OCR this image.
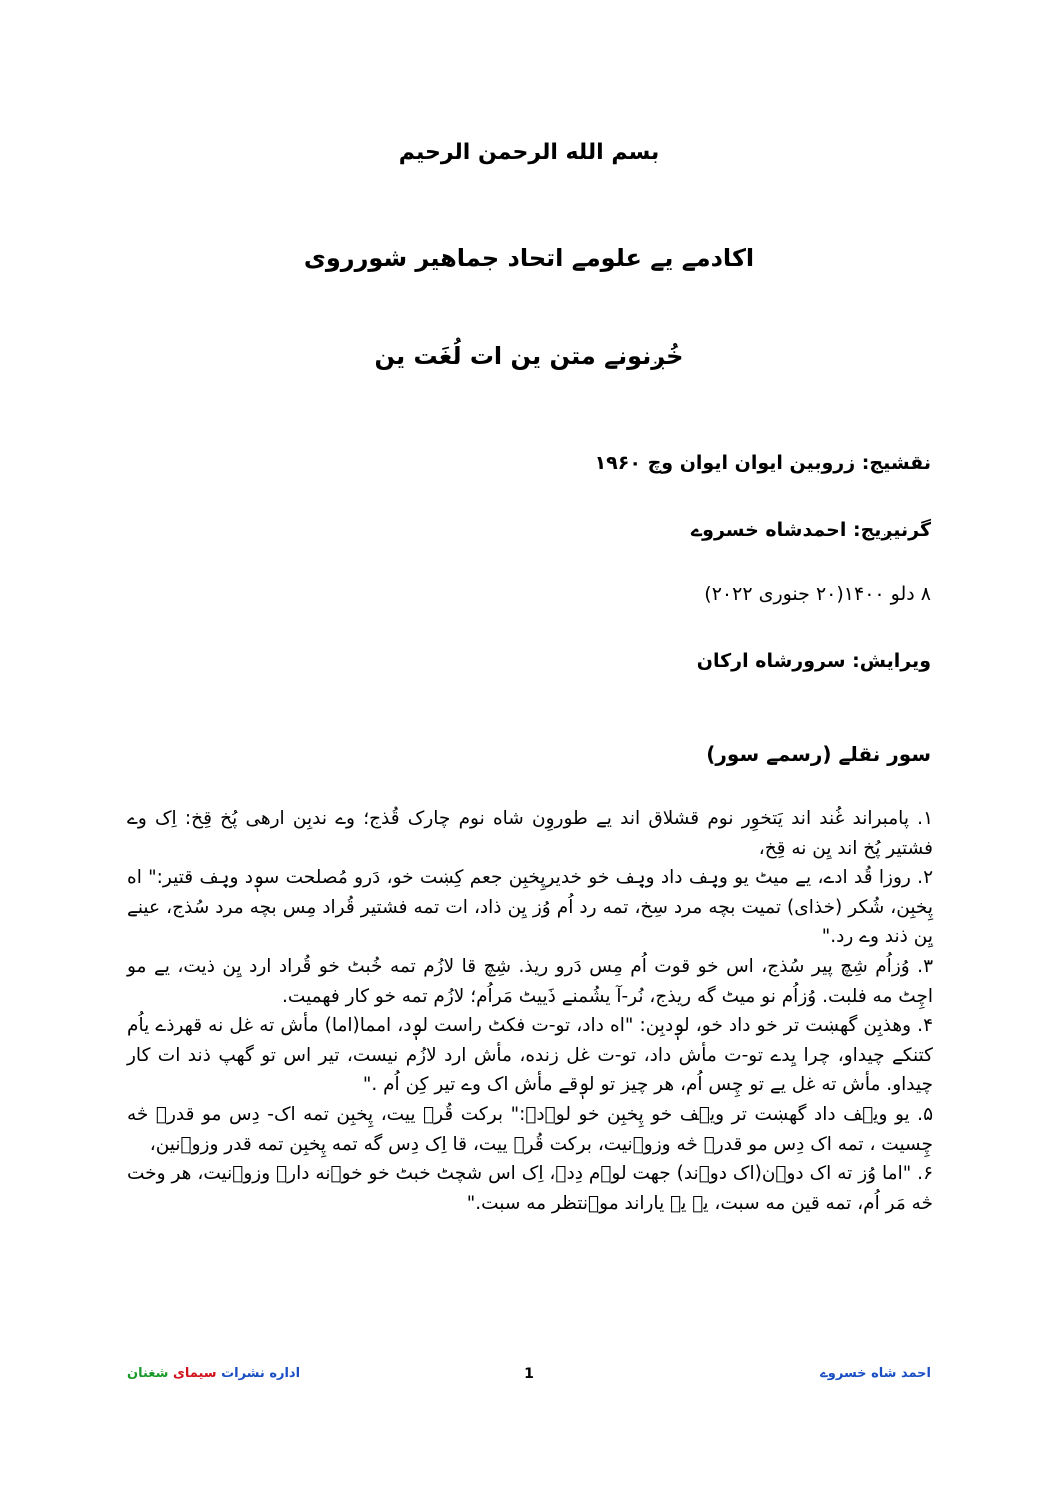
بسم الله الرحمن الرحیم
اکادمے یے علومے اتحاد جماهیر شورروی
خُږنونے متن ین ات لُغَت ین
نقشیج: زروبین ایوان ایوان وچ ۱۹۶۰
گرنیږیج: احمدشاه خسروے
۸ دلو ۱۴۰۰(۲۰ جنوری ۲۰۲۲)
ویرایش: سرورشاه ارکان
سور نقلے (رسمے سور)

۱. پامبراند غُند اند یَتخوِر نوم قشلاق اند یے طوروِن شاه نوم چارک قُذج؛ وے ندبِن ارهی پُخ قِخ: اِک وے فشتیر پُخ اند یِن نه قِخ،

۲. روزا قُد ادے، یے میٹ یو ویٖف داد ویٖف خو خدیرپِخبِن جعم کِښت خو، دَرو مُصلحت سوٖد ویٖف قتیر:" اه پِخبِن، شُکر (خذای) تمیت بچه مرد سِخ، تمه رد اُم وُز یِن ذاد، ات تمه فشتیر قُراد مِس بچه مرد سُذج، عینے یِن ذند وے رد."

۳. وُزاُم شِچ پیر سُذج، اس خو قوت اُم مِس دَرو ریذ. شِچ قا لازُم تمه خُبٹ خو قُراد ارد یِن ذیت، یے مو اچِٹ مه فلبت. وُزاُم نو میٹ گه ریذج، نُر-آ یشُمنے ذَییٹ مَراُم؛ لازُم تمه خو کار فهمیت.

۴. وهذبِن گهښت تر خو داد خو، لوٖدبِن: "اه داد، تو-ت فکٹ راست لوٖد، امما(اما) مأش ته غل نه قهرذے یاُم کتنکے چیداو، چرا یِدے تو-ت مأش داد، تو-ت غل زنده، مأش ارد لازُم نیست، تیر اس تو گهپ ذند ات کار چیداو. مأش ته غل یے تو چِس اُم، هر چیز تو لوٖقے مأش اک وے تیر کِن اُم ."

۵. یو ویٖف داد گهښت تر ویٖف خو پِخبِن خو لوٖدے:" برکت قُرے ییت، پِخبِن تمه اک- دِس مو قدرے څه چِسیت ، تمه اک دِس مو قدرے څه وزوٖنیت، برکت قُرے ییت، قا اِک دِس گه تمه پِخبِن تمه قدر وزوٖنین،

۶. "اما وُز ته اک دوٖن(اک دوٖند) جهت لوٖم دِدے، اِک اس شچٹ خبٹ خو خوٖنه دارے وزوٖنیت، هر وخت څه مَر اُم، تمه قین مه سبت، یے یے یاراند موٖنتظر مه سبت."

احمد شاه خسروے
1
اداره نشرات سیمای شغنان
